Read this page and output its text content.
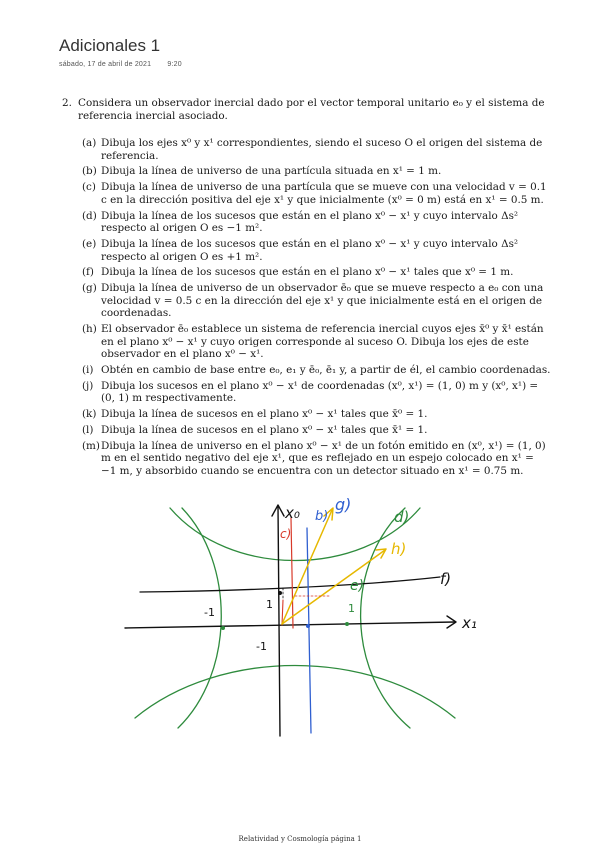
Adicionales 1
sábado, 17 de abril de 2021 9:20
2. Considera un observador inercial dado por el vector temporal unitario e₀ y el sistema de referencia inercial asociado.
(a) Dibuja los ejes x⁰ y x¹ correspondientes, siendo el suceso O el origen del sistema de referencia.
(b) Dibuja la línea de universo de una partícula situada en x¹ = 1 m.
(c) Dibuja la línea de universo de una partícula que se mueve con una velocidad v = 0.1 c en la dirección positiva del eje x¹ y que inicialmente (x⁰ = 0 m) está en x¹ = 0.5 m.
(d) Dibuja la línea de los sucesos que están en el plano x⁰ − x¹ y cuyo intervalo Δs² respecto al origen O es −1 m².
(e) Dibuja la línea de los sucesos que están en el plano x⁰ − x¹ y cuyo intervalo Δs² respecto al origen O es +1 m².
(f) Dibuja la línea de los sucesos que están en el plano x⁰ − x¹ tales que x⁰ = 1 m.
(g) Dibuja la línea de universo de un observador ē₀ que se mueve respecto a e₀ con una velocidad v = 0.5 c en la dirección del eje x¹ y que inicialmente está en el origen de coordenadas.
(h) El observador ē₀ establece un sistema de referencia inercial cuyos ejes x̄⁰ y x̄¹ están en el plano x⁰ − x¹ y cuyo origen corresponde al suceso O. Dibuja los ejes de este observador en el plano x⁰ − x¹.
(i) Obtén en cambio de base entre e₀, e₁ y ē₀, ē₁ y, a partir de él, el cambio coordenadas.
(j) Dibuja los sucesos en el plano x⁰ − x¹ de coordenadas (x⁰, x¹) = (1, 0) m y (x⁰, x¹) = (0, 1) m respectivamente.
(k) Dibuja la línea de sucesos en el plano x⁰ − x¹ tales que x̄⁰ = 1.
(l) Dibuja la línea de sucesos en el plano x⁰ − x¹ tales que x̄¹ = 1.
(m) Dibuja la línea de universo en el plano x⁰ − x¹ de un fotón emitido en (x⁰, x¹) = (1, 0) m en el sentido negativo del eje x¹, que es reflejado en un espejo colocado en x¹ = −1 m, y absorbido cuando se encuentra con un detector situado en x¹ = 0.75 m.
x₀
x₁
b)
c)
g)
d)
h)
e)	f)
1	1
-1
-1
Relatividad y Cosmología página 1
